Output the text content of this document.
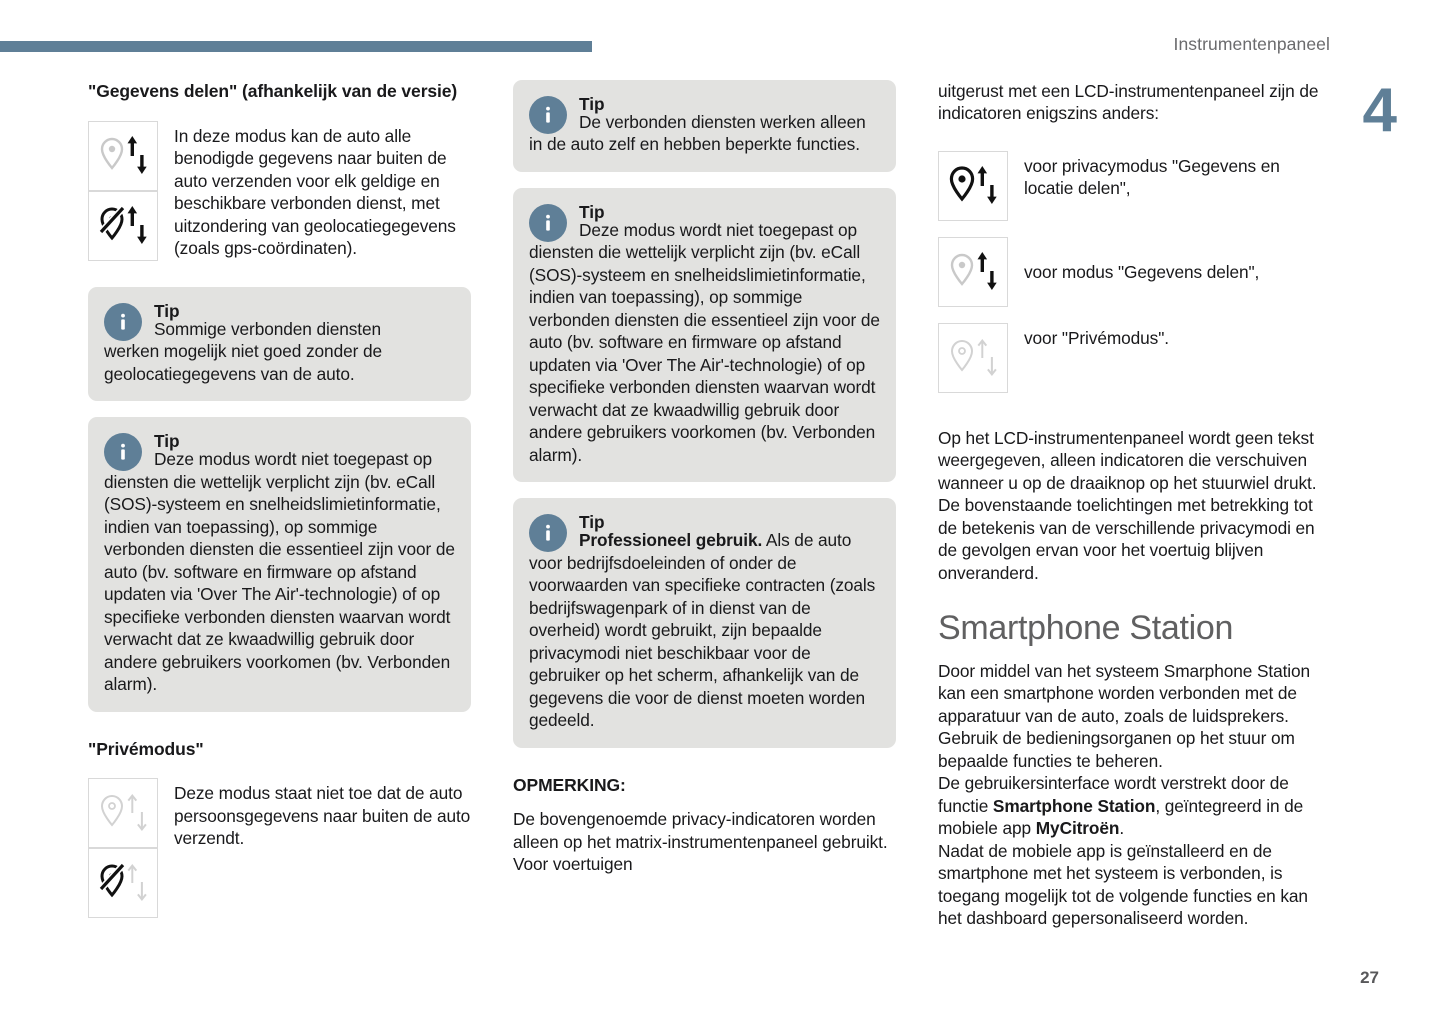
Instrumentenpaneel
4
27
"Gegevens delen" (afhankelijk van de versie)
In deze modus kan de auto alle benodigde gegevens naar buiten de auto verzenden voor elk geldige en beschikbare verbonden dienst, met uitzondering van geolocatiegegevens (zoals gps-coördinaten).
Tip
Sommige verbonden diensten
werken mogelijk niet goed zonder de geolocatiegegevens van de auto.
Tip
Deze modus wordt niet toegepast op
diensten die wettelijk verplicht zijn (bv. eCall (SOS)-systeem en snelheidslimietinformatie, indien van toepassing), op sommige verbonden diensten die essentieel zijn voor de auto (bv. software en firmware op afstand updaten via 'Over The Air'-technologie) of op specifieke verbonden diensten waarvan wordt verwacht dat ze kwaadwillig gebruik door andere gebruikers voorkomen (bv. Verbonden alarm).
"Privémodus"
Deze modus staat niet toe dat de auto persoonsgegevens naar buiten de auto verzendt.
Tip
De verbonden diensten werken alleen
in de auto zelf en hebben beperkte functies.
Tip
Deze modus wordt niet toegepast op
diensten die wettelijk verplicht zijn (bv. eCall (SOS)-systeem en snelheidslimietinformatie, indien van toepassing), op sommige verbonden diensten die essentieel zijn voor de auto (bv. software en firmware op afstand updaten via 'Over The Air'-technologie) of op specifieke verbonden diensten waarvan wordt verwacht dat ze kwaadwillig gebruik door andere gebruikers voorkomen (bv. Verbonden alarm).
Tip
Professioneel gebruik. Als de auto
voor bedrijfsdoeleinden of onder de voorwaarden van specifieke contracten (zoals bedrijfswagenpark of in dienst van de overheid) wordt gebruikt, zijn bepaalde privacymodi niet beschikbaar voor de gebruiker op het scherm, afhankelijk van de gegevens die voor de dienst moeten worden gedeeld.
OPMERKING:

De bovengenoemde privacy-indicatoren worden alleen op het matrix-instrumentenpaneel gebruikt. Voor voertuigen

uitgerust met een LCD-instrumentenpaneel zijn de indicatoren enigszins anders:

voor privacymodus "Gegevens en locatie delen",
voor modus "Gegevens delen",
voor "Privémodus".

Op het LCD-instrumentenpaneel wordt geen tekst weergegeven, alleen indicatoren die verschuiven wanneer u op de draaiknop op het stuurwiel drukt. De bovenstaande toelichtingen met betrekking tot de betekenis van de verschillende privacymodi en de gevolgen ervan voor het voertuig blijven onveranderd.

Smartphone Station

Door middel van het systeem Smarphone Station kan een smartphone worden verbonden met de apparatuur van de auto, zoals de luidsprekers.

Gebruik de bedieningsorganen op het stuur om bepaalde functies te beheren.

De gebruikersinterface wordt verstrekt door de functie Smartphone Station, geïntegreerd in de mobiele app MyCitroën.

Nadat de mobiele app is geïnstalleerd en de smartphone met het systeem is verbonden, is toegang mogelijk tot de volgende functies en kan het dashboard gepersonaliseerd worden.
